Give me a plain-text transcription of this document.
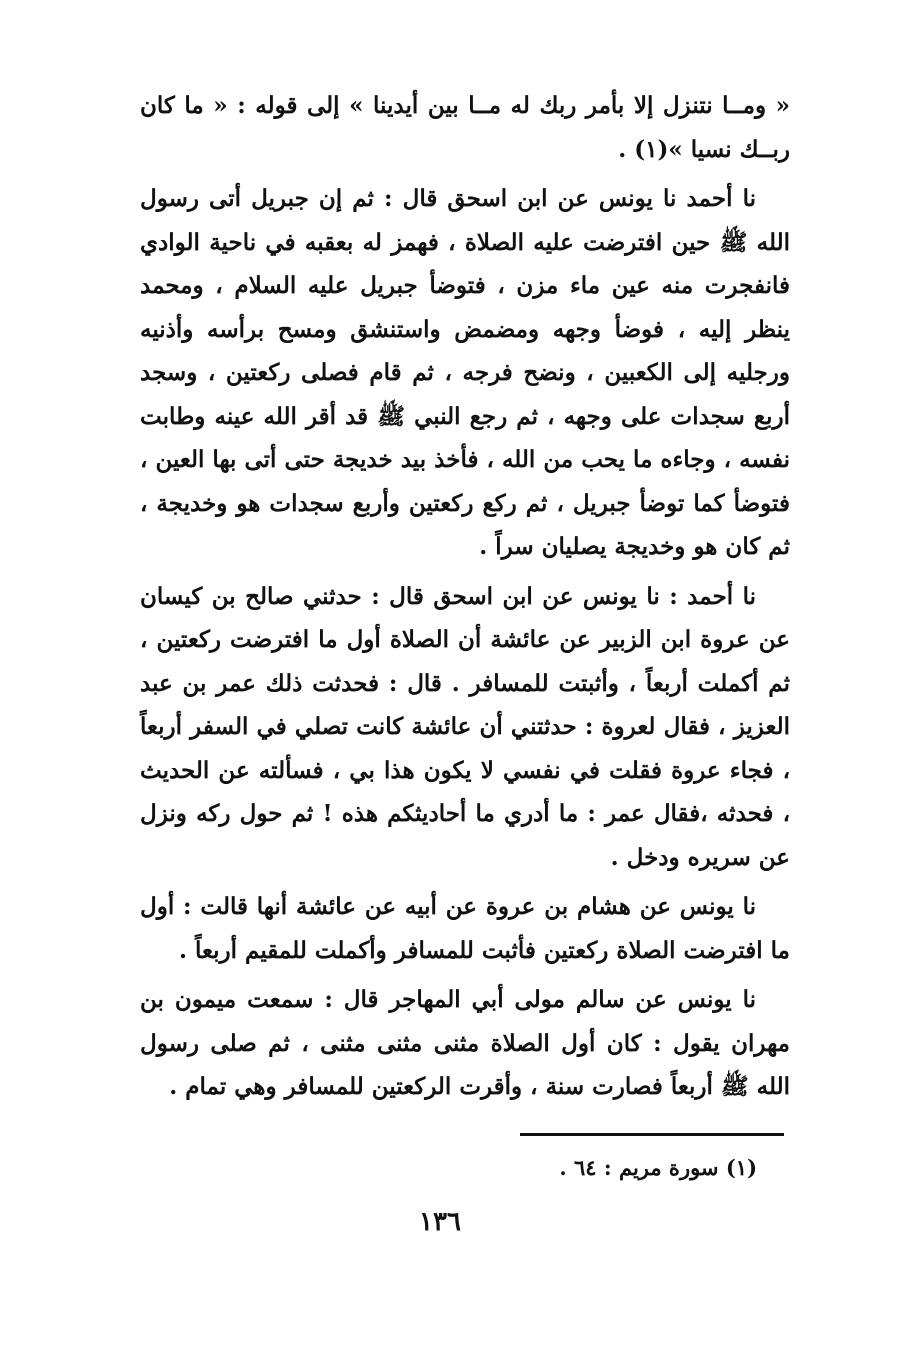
« ومــا نتنزل إلا بأمر ربك له مــا بين أيدينا » إلى قوله : « ما كان ربــك نسيا »(١) .

نا أحمد نا يونس عن ابن اسحق قال : ثم إن جبريل أتى رسول الله ﷺ حين افترضت عليه الصلاة ، فهمز له بعقبه في ناحية الوادي فانفجرت منه عين ماء مزن ، فتوضأ جبريل عليه السلام ، ومحمد ينظر إليه ، فوضأ وجهه ومضمض واستنشق ومسح برأسه وأذنيه ورجليه إلى الكعبين ، ونضح فرجه ، ثم قام فصلى ركعتين ، وسجد أربع سجدات على وجهه ، ثم رجع النبي ﷺ قد أقر الله عينه وطابت نفسه ، وجاءه ما يحب من الله ، فأخذ بيد خديجة حتى أتى بها العين ، فتوضأ كما توضأ جبريل ، ثم ركع ركعتين وأربع سجدات هو وخديجة ، ثم كان هو وخديجة يصليان سراً .

نا أحمد : نا يونس عن ابن اسحق قال : حدثني صالح بن كيسان عن عروة ابن الزبير عن عائشة أن الصلاة أول ما افترضت ركعتين ، ثم أكملت أربعاً ، وأثبتت للمسافر . قال : فحدثت ذلك عمر بن عبد العزيز ، فقال لعروة : حدثتني أن عائشة كانت تصلي في السفر أربعاً ، فجاء عروة فقلت في نفسي لا يكون هذا بي ، فسألته عن الحديث ، فحدثه ،فقال عمر : ما أدري ما أحاديثكم هذه ! ثم حول ركه ونزل عن سريره ودخل .

نا يونس عن هشام بن عروة عن أبيه عن عائشة أنها قالت : أول ما افترضت الصلاة ركعتين فأثبت للمسافر وأكملت للمقيم أربعاً .

نا يونس عن سالم مولى أبي المهاجر قال : سمعت ميمون بن مهران يقول : كان أول الصلاة مثنى مثنى مثنى ، ثم صلى رسول الله ﷺ أربعاً فصارت سنة ، وأقرت الركعتين للمسافر وهي تمام .

(١) سورة مريم : ٦٤ .
١٣٦
